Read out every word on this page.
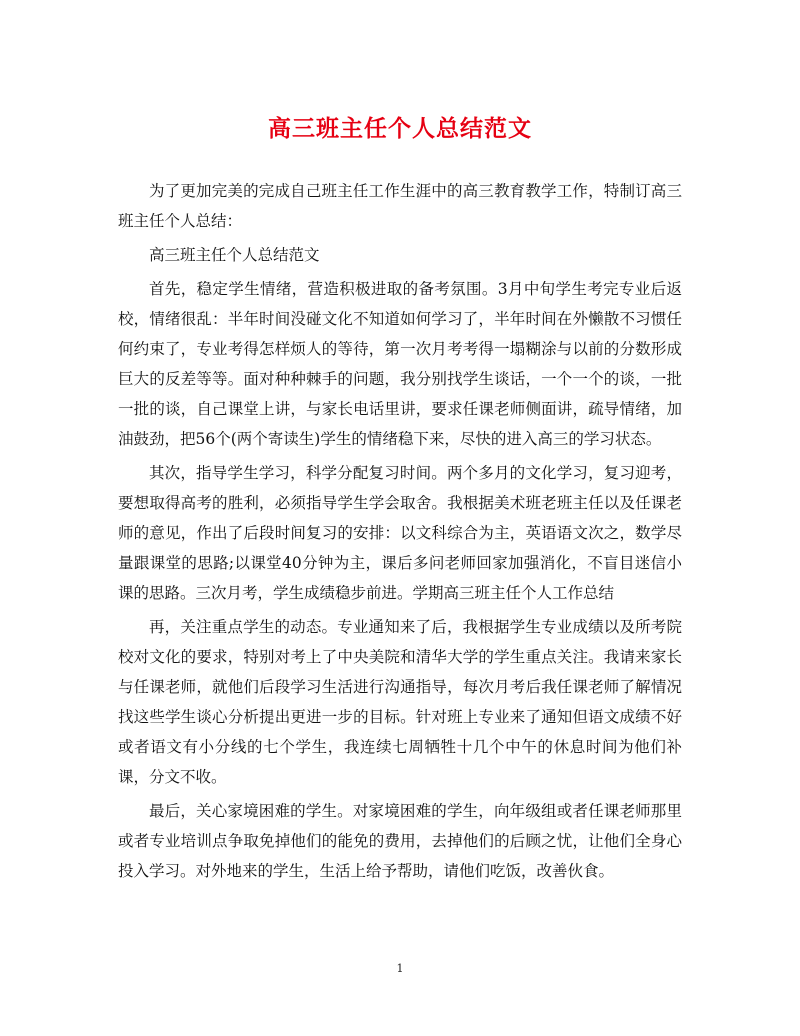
高三班主任个人总结范文

为了更加完美的完成自己班主任工作生涯中的高三教育教学工作，特制订高三班主任个人总结：

高三班主任个人总结范文

首先，稳定学生情绪，营造积极进取的备考氛围。3月中旬学生考完专业后返校，情绪很乱：半年时间没碰文化不知道如何学习了，半年时间在外懒散不习惯任何约束了，专业考得怎样烦人的等待，第一次月考考得一塌糊涂与以前的分数形成巨大的反差等等。面对种种棘手的问题，我分别找学生谈话，一个一个的谈，一批一批的谈，自己课堂上讲，与家长电话里讲，要求任课老师侧面讲，疏导情绪，加油鼓劲，把56个(两个寄读生)学生的情绪稳下来，尽快的进入高三的学习状态。

其次，指导学生学习，科学分配复习时间。两个多月的文化学习，复习迎考，要想取得高考的胜利，必须指导学生学会取舍。我根据美术班老班主任以及任课老师的意见，作出了后段时间复习的安排：以文科综合为主，英语语文次之，数学尽量跟课堂的思路;以课堂40分钟为主，课后多问老师回家加强消化，不盲目迷信小课的思路。三次月考，学生成绩稳步前进。学期高三班主任个人工作总结

再，关注重点学生的动态。专业通知来了后，我根据学生专业成绩以及所考院校对文化的要求，特别对考上了中央美院和清华大学的学生重点关注。我请来家长与任课老师，就他们后段学习生活进行沟通指导，每次月考后我任课老师了解情况找这些学生谈心分析提出更进一步的目标。针对班上专业来了通知但语文成绩不好或者语文有小分线的七个学生，我连续七周牺牲十几个中午的休息时间为他们补课，分文不收。

最后，关心家境困难的学生。对家境困难的学生，向年级组或者任课老师那里或者专业培训点争取免掉他们的能免的费用，去掉他们的后顾之忧，让他们全身心投入学习。对外地来的学生，生活上给予帮助，请他们吃饭，改善伙食。

1
